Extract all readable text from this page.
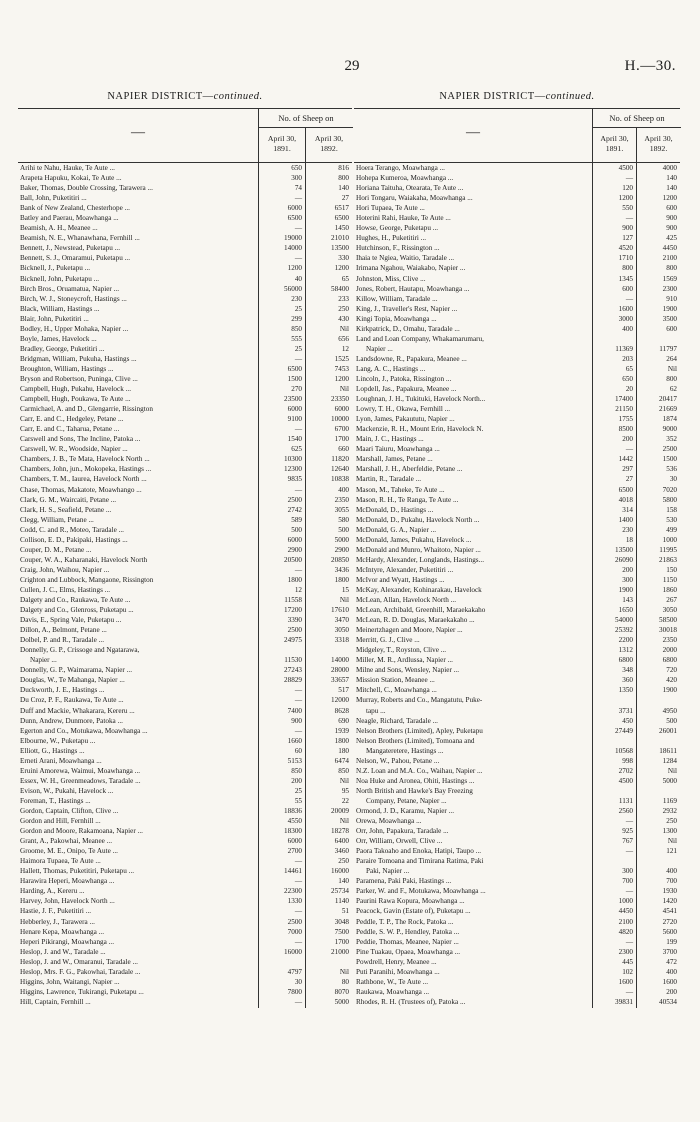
29	H.—30.
NAPIER DISTRICT—continued.
—
No. of Sheep on
April 30, 1891.
April 30, 1892.
Arihi te Nahu, Hauke, Te Aute ...	650	816
Arapeta Hapuku, Kokai, Te Aute ...	300	800
Baker, Thomas, Double Crossing, Tarawera ...	74	140
Ball, John, Puketitiri ...	—	27
Bank of New Zealand, Chesterhope ...	6000	6517
Batley and Paerau, Moawhanga ...	6500	6500
Beamish, A. H., Meanee ...	—	1450
Beamish, N. E., Whanawhana, Fernhill ...	19000	21010
Bennett, J., Newstead, Puketapu ...	14000	13500
Bennett, S. J., Omaramui, Puketapu ...	—	330
Bicknell, J., Puketapu ...	1200	1200
Bicknell, John, Puketapu ...	40	65
Birch Bros., Oruamatua, Napier ...	56000	58400
Birch, W. J., Stoneycroft, Hastings ...	230	233
Black, William, Hastings ...	25	250
Blair, John, Puketitiri ...	299	430
Bodley, H., Upper Mohaka, Napier ...	850	Nil
Boyle, James, Havelock ...	555	656
Bradley, George, Puketitiri ...	25	12
Bridgman, William, Pukuha, Hastings ...	—	1525
Broughton, William, Hastings ...	6500	7453
Bryson and Robertson, Puninga, Clive ...	1500	1200
Campbell, Hugh, Pukahu, Havelock ...	270	Nil
Campbell, Hugh, Poukawa, Te Aute ...	23500	23350
Carmichael, A. and D., Glengarrie, Rissington	6000	6000
Carr, E. and C., Hedgeley, Petane ...	9100	10000
Carr, E. and C., Taharua, Petane ...	—	6700
Carswell and Sons, The Incline, Patoka ...	1540	1700
Carswell, W. R., Woodside, Napier ...	625	660
Chambers, J. B., Te Mata, Havelock North ...	10300	11820
Chambers, John, jun., Mokopeka, Hastings ...	12300	12640
Chambers, T. M., Iaurea, Havelock North ...	9835	10838
Chase, Thomas, Makatote, Moawhango ...	—	400
Clark, G. M., Waircaiti, Petane ...	2500	2350
Clark, H. S., Seafield, Petane ...	2742	3055
Clegg, William, Petane ...	589	580
Codd, C. and R., Moteo, Taradale ...	500	500
Collison, E. D., Pakipaki, Hastings ...	6000	5000
Couper, D. M., Petane ...	2900	2900
Couper, W. A., Kaharanaki, Havelock North	20500	20850
Craig, John, Waihou, Napier ...	—	3436
Crighton and Lubbock, Mangaone, Rissington	1800	1800
Cullen, J. C., Elms, Hastings ...	12	15
Dalgety and Co., Raukawa, Te Aute ...	11558	Nil
Dalgety and Co., Glenross, Puketapu ...	17200	17610
Davis, E., Spring Vale, Puketapu ...	3390	3470
Dillon, A., Belmont, Petane ...	2500	3050
Dolbel, P. and R., Taradale ...	24975	3318
Donnelly, G. P., Crissoge and Ngatarawa,
Napier ...	11530	14000
Donnelly, G. P., Waimarama, Napier ...	27243	28000
Douglas, W., Te Mahanga, Napier ...	28829	33657
Duckworth, J. E., Hastings ...	—	517
Du Croz, P. F., Raukawa, Te Aute ...	—	12000
Duff and Mackie, Whakarara, Kereru ...	7400	8628
Dunn, Andrew, Dunmore, Patoka ...	900	690
Egerton and Co., Motukawa, Moawhanga ...	—	1939
Elbourne, W., Puketapu ...	1660	1800
Elliott, G., Hastings ...	60	180
Erneti Arani, Moawhanga ...	5153	6474
Eruini Amorewa, Waimui, Moawhanga ...	850	850
Essex, W. H., Greenmeadows, Taradale ...	200	Nil
Evison, W., Pukahi, Havelock ...	25	95
Foreman, T., Hastings ...	55	22
Gordon, Captain, Clifton, Clive ...	18836	20009
Gordon and Hill, Fernhill ...	4550	Nil
Gordon and Moore, Rakamoana, Napier ...	18300	18278
Grant, A., Pakowhai, Meanee ...	6000	6400
Groome, M. E., Onipo, Te Aute ...	2700	3460
Haimora Tupaea, Te Aute ...	—	250
Hallett, Thomas, Puketitiri, Puketapu ...	14461	16000
Harawira Heperi, Moawhanga ...	—	140
Harding, A., Kereru ...	22300	25734
Harvey, John, Havelock North ...	1330	1140
Hastie, J. F., Puketitiri ...	—	51
Hebberley, J., Tarawera ...	2500	3048
Henare Kepa, Moawhanga ...	7000	7500
Heperi Pikirangi, Moawhanga ...	—	1700
Heslop, J. and W., Taradale ...	16000	21000
Heslop, J. and W., Omaranui, Taradale ...
Heslop, Mrs. F. G., Pakowhai, Taradale ...	4797	Nil
Higgins, John, Waitangi, Napier ...	30	80
Higgins, Lawrence, Tukirangi, Puketapu ...	7800	8070
Hill, Captain, Fernhill ...	—	5000
NAPIER DISTRICT—continued.
—
No. of Sheep on
April 30, 1891.
April 30, 1892.
Hoera Terango, Moawhanga ...	4500	4000
Hohepa Kumeroa, Moawhanga ...	—	140
Horiana Taituha, Otearata, Te Aute ...	120	140
Hori Tongaru, Waiakaha, Moawhanga ...	1200	1200
Hori Tupaea, Te Aute ...	550	600
Hoterini Rahi, Hauke, Te Aute ...	—	900
Howse, George, Puketapu ...	900	900
Hughes, H., Puketitiri ...	127	425
Hutchinson, F., Rissington ...	4520	4450
Ihaia te Ngiea, Waitio, Taradale ...	1710	2100
Irimana Ngahou, Waiakabo, Napier ...	800	800
Johnston, Miss, Clive ...	1345	1569
Jones, Robert, Hautapu, Moawhanga ...	600	2300
Killow, William, Taradale ...	—	910
King, J., Traveller's Rest, Napier ...	1600	1900
Kingi Topia, Moawhanga ...	3000	3500
Kirkpatrick, D., Omahu, Taradale ...	400	600
Land and Loan Company, Whakamarumaru,
Napier ...	11369	11797
Landsdowne, R., Papakura, Meanee ...	203	264
Lang, A. C., Hastings ...	65	Nil
Lincoln, J., Patoka, Rissington ...	650	800
Lopdell, Jas., Papakura, Meanee ...	20	62
Loughnan, J. H., Tukituki, Havelock North...	17400	20417
Lowry, T. H., Okawa, Fernhill ...	21150	21669
Lyon, James, Pakaututu, Napier ...	1755	1874
Mackenzie, R. H., Mount Erin, Havelock N.	8500	9000
Main, J. C., Hastings ...	200	352
Maari Taiuru, Moawhanga ...	—	2500
Marshall, James, Petane ...	1442	1500
Marshall, J. H., Aberfeldie, Petane ...	297	536
Martin, R., Taradale ...	27	30
Mason, M., Taheke, Te Aute ...	6500	7020
Mason, R. H., Te Ranga, Te Aute ...	4018	5800
McDonald, D., Hastings ...	314	158
McDonald, D., Pukahu, Havelock North ...	1400	530
McDonald, G. A., Napier ...	230	499
McDonald, James, Pukahu, Havelock ...	18	1000
McDonald and Munro, Whaitoto, Napier ...	13500	11995
McHardy, Alexander, Longlands, Hastings...	26090	21863
McIntyre, Alexander, Puketitiri ...	200	150
McIvor and Wyatt, Hastings ...	300	1150
McKay, Alexander, Kohinarakau, Havelock	1900	1860
McLean, Allan, Havelock North ...	143	267
McLean, Archibald, Greenhill, Maraekakaho	1650	3050
McLean, R. D. Douglas, Maraekakaho ...	54000	58500
Meinertzhagen and Moore, Napier ...	25392	30018
Merritt, G. J., Clive ...	2200	2350
Midgeley, T., Royston, Clive ...	1312	2000
Miller, M. R., Ardlussa, Napier ...	6800	6800
Milne and Sons, Wensley, Napier ...	348	720
Mission Station, Meanee ...	360	420
Mitchell, C., Moawhanga ...	1350	1900
Murray, Roberts and Co., Mangatutu, Puke-
tapu ...	3731	4950
Neagle, Richard, Taradale ...	450	500
Nelson Brothers (Limited), Apley, Puketapu	27449	26001
Nelson Brothers (Limited), Tomoana and
Mangateretere, Hastings ...	10568	18611
Nelson, W., Pahou, Petane ...	998	1284
N.Z. Loan and M.A. Co., Waihau, Napier ...	2702	Nil
Noa Huke and Aronea, Ohiti, Hastings ...	4500	5000
North British and Hawke's Bay Freezing
Company, Petane, Napier ...	1131	1169
Ormond, J. D., Karamu, Napier ...	2560	2932
Orewa, Moawhanga ...	—	250
Orr, John, Papakura, Taradale ...	925	1300
Orr, William, Orwell, Clive ...	767	Nil
Paora Takoaho and Enoka, Hatipi, Taupo ...	—	121
Paraire Tomoana and Timirana Ratima, Paki
Paki, Napier ...	300	400
Paramena, Paki Paki, Hastings ...	700	700
Parker, W. and F., Motukawa, Moawhanga ...	—	1930
Paurini Rawa Kopura, Moawhanga ...	1000	1420
Peacock, Gavin (Estate of), Puketapu ...	4450	4541
Peddle, T. P., The Rock, Patoka ...	2100	2720
Peddle, S. W. P., Hendley, Patoka ...	4820	5600
Peddie, Thomas, Meanee, Napier ...	—	199
Pine Tuakau, Opaea, Moawhanga ...	2300	3700
Powdrell, Henry, Meanee ...	445	472
Puti Paranihi, Moawhanga ...	102	400
Rathbone, W., Te Aute ...	1600	1600
Raukawa, Moawhanga ...	—	200
Rhodes, R. H. (Trustees of), Patoka ...	39831	40534
